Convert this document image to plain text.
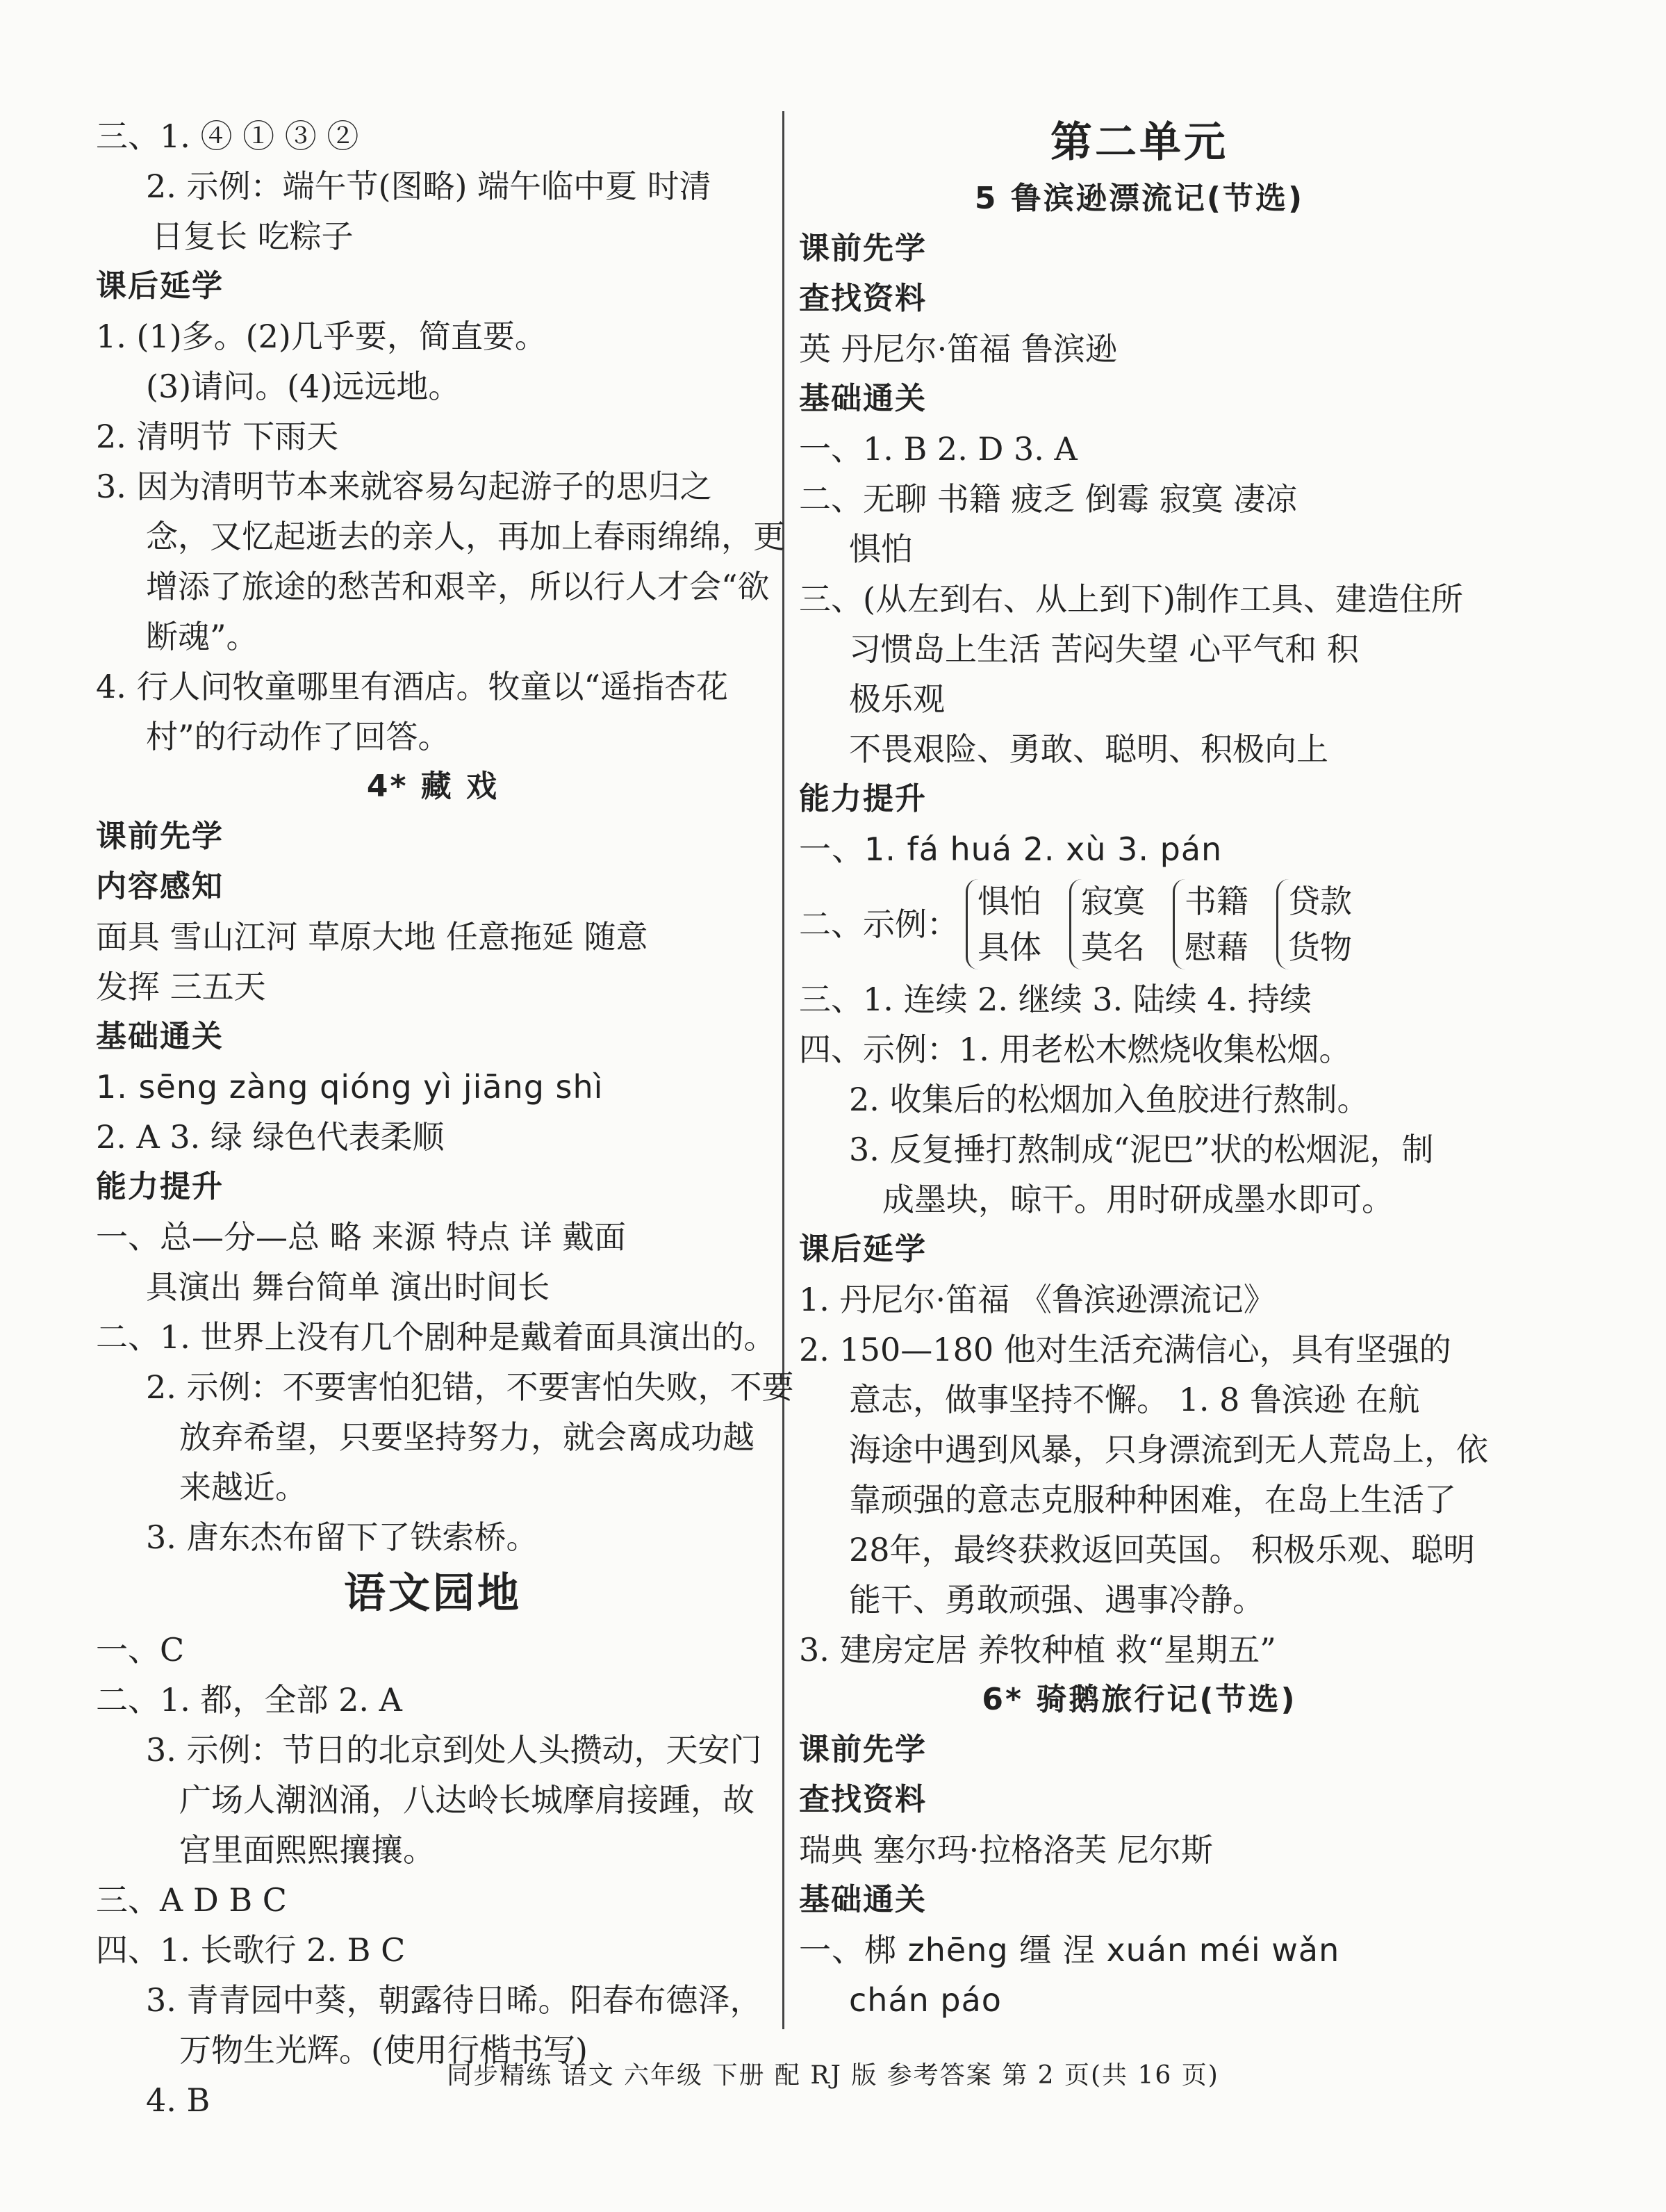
三、1. ④ ① ③ ②
2. 示例：端午节(图略) 端午临中夏 时清
日复长 吃粽子
课后延学
1. (1)多。(2)几乎要，简直要。
(3)请问。(4)远远地。
2. 清明节 下雨天
3. 因为清明节本来就容易勾起游子的思归之
念，又忆起逝去的亲人，再加上春雨绵绵，更
增添了旅途的愁苦和艰辛，所以行人才会“欲
断魂”。
4. 行人问牧童哪里有酒店。牧童以“遥指杏花
村”的行动作了回答。
4* 藏 戏
课前先学
内容感知
面具 雪山江河 草原大地 任意拖延 随意
发挥 三五天
基础通关
1. sēng zàng qióng yì jiāng shì
2. A 3. 绿 绿色代表柔顺
能力提升
一、总—分—总 略 来源 特点 详 戴面
具演出 舞台简单 演出时间长
二、1. 世界上没有几个剧种是戴着面具演出的。
2. 示例：不要害怕犯错，不要害怕失败，不要
放弃希望，只要坚持努力，就会离成功越
来越近。
3. 唐东杰布留下了铁索桥。
语文园地
一、C
二、1. 都，全部 2. A
3. 示例：节日的北京到处人头攒动，天安门
广场人潮汹涌，八达岭长城摩肩接踵，故
宫里面熙熙攘攘。
三、A D B C
四、1. 长歌行 2. B C
3. 青青园中葵，朝露待日晞。阳春布德泽，
万物生光辉。(使用行楷书写)
4. B
第二单元
5 鲁滨逊漂流记(节选)
课前先学
查找资料
英 丹尼尔·笛福 鲁滨逊
基础通关
一、1. B 2. D 3. A
二、无聊 书籍 疲乏 倒霉 寂寞 凄凉
惧怕
三、(从左到右、从上到下)制作工具、建造住所
习惯岛上生活 苦闷失望 心平气和 积
极乐观
不畏艰险、勇敢、聪明、积极向上
能力提升
一、1. fá huá 2. xù 3. pán
二、示例：
惧怕
具体
寂寞
莫名
书籍
慰藉
贷款
货物
三、1. 连续 2. 继续 3. 陆续 4. 持续
四、示例：1. 用老松木燃烧收集松烟。
2. 收集后的松烟加入鱼胶进行熬制。
3. 反复捶打熬制成“泥巴”状的松烟泥，制
成墨块，晾干。用时研成墨水即可。
课后延学
1. 丹尼尔·笛福 《鲁滨逊漂流记》
2. 150—180 他对生活充满信心，具有坚强的
意志，做事坚持不懈。 1. 8 鲁滨逊 在航
海途中遇到风暴，只身漂流到无人荒岛上，依
靠顽强的意志克服种种困难，在岛上生活了
28年，最终获救返回英国。 积极乐观、聪明
能干、勇敢顽强、遇事冷静。
3. 建房定居 养牧种植 救“星期五”
6* 骑鹅旅行记(节选)
课前先学
查找资料
瑞典 塞尔玛·拉格洛芙 尼尔斯
基础通关
一、梆 zhēng 缰 涅 xuán méi wǎn
chán páo
同步精练 语文 六年级 下册 配 RJ 版 参考答案 第 2 页(共 16 页)
